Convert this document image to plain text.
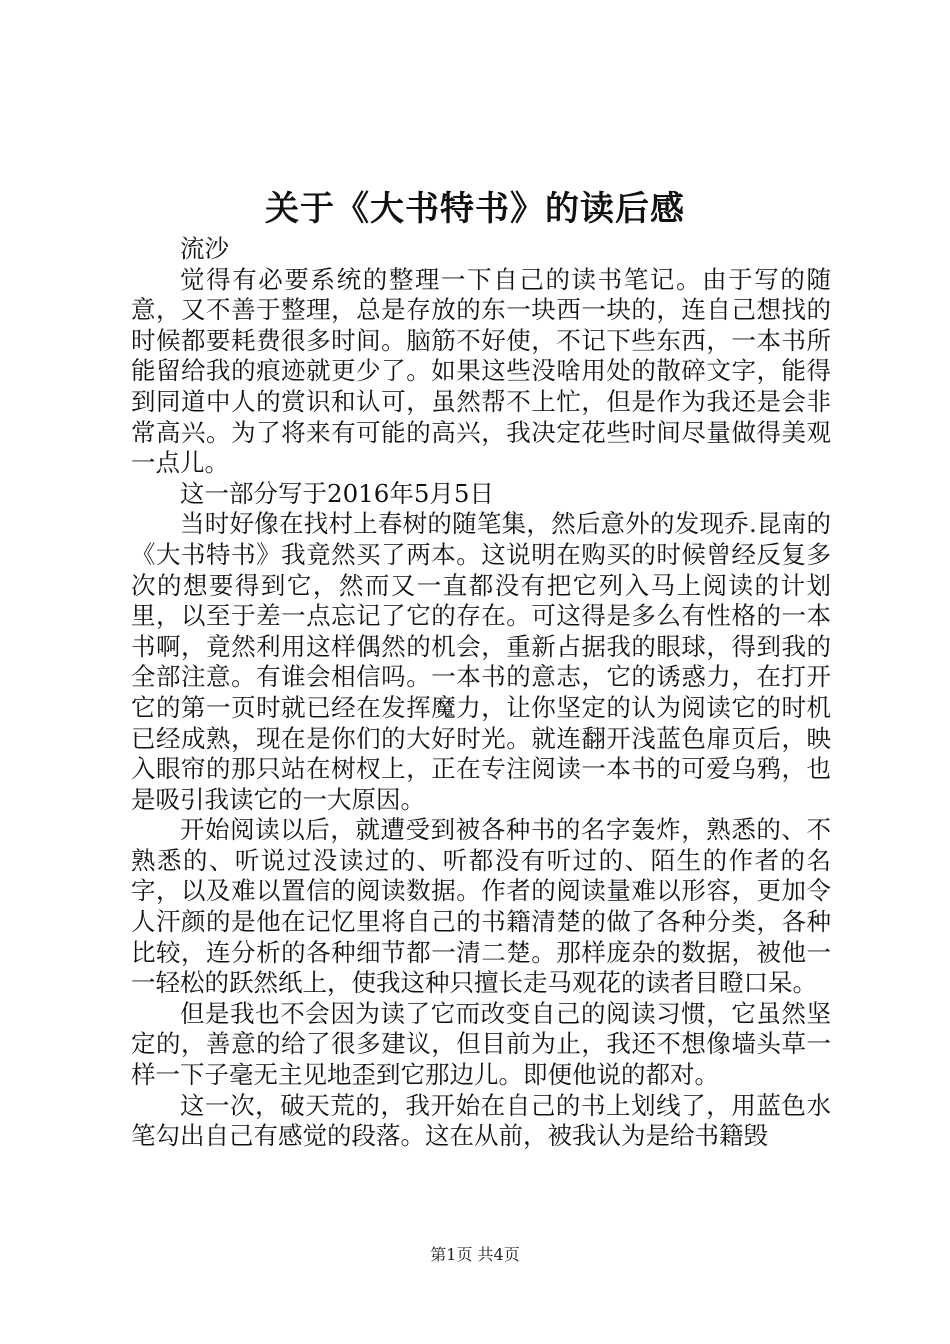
关于《大书特书》的读后感

流沙

觉得有必要系统的整理一下自己的读书笔记。由于写的随意，又不善于整理，总是存放的东一块西一块的，连自己想找的时候都要耗费很多时间。脑筋不好使，不记下些东西，一本书所能留给我的痕迹就更少了。如果这些没啥用处的散碎文字，能得到同道中人的赏识和认可，虽然帮不上忙，但是作为我还是会非常高兴。为了将来有可能的高兴，我决定花些时间尽量做得美观一点儿。

这一部分写于2016年5月5日

当时好像在找村上春树的随笔集，然后意外的发现乔.昆南的《大书特书》我竟然买了两本。这说明在购买的时候曾经反复多次的想要得到它，然而又一直都没有把它列入马上阅读的计划里，以至于差一点忘记了它的存在。可这得是多么有性格的一本书啊，竟然利用这样偶然的机会，重新占据我的眼球，得到我的全部注意。有谁会相信吗。一本书的意志，它的诱惑力，在打开它的第一页时就已经在发挥魔力，让你坚定的认为阅读它的时机已经成熟，现在是你们的大好时光。就连翻开浅蓝色扉页后，映入眼帘的那只站在树杈上，正在专注阅读一本书的可爱乌鸦，也是吸引我读它的一大原因。

开始阅读以后，就遭受到被各种书的名字轰炸，熟悉的、不熟悉的、听说过没读过的、听都没有听过的、陌生的作者的名字，以及难以置信的阅读数据。作者的阅读量难以形容，更加令人汗颜的是他在记忆里将自己的书籍清楚的做了各种分类，各种比较，连分析的各种细节都一清二楚。那样庞杂的数据，被他一一轻松的跃然纸上，使我这种只擅长走马观花的读者目瞪口呆。

但是我也不会因为读了它而改变自己的阅读习惯，它虽然坚定的，善意的给了很多建议，但目前为止，我还不想像墙头草一样一下子毫无主见地歪到它那边儿。即便他说的都对。

这一次，破天荒的，我开始在自己的书上划线了，用蓝色水笔勾出自己有感觉的段落。这在从前，被我认为是给书籍毁

第1页 共4页
